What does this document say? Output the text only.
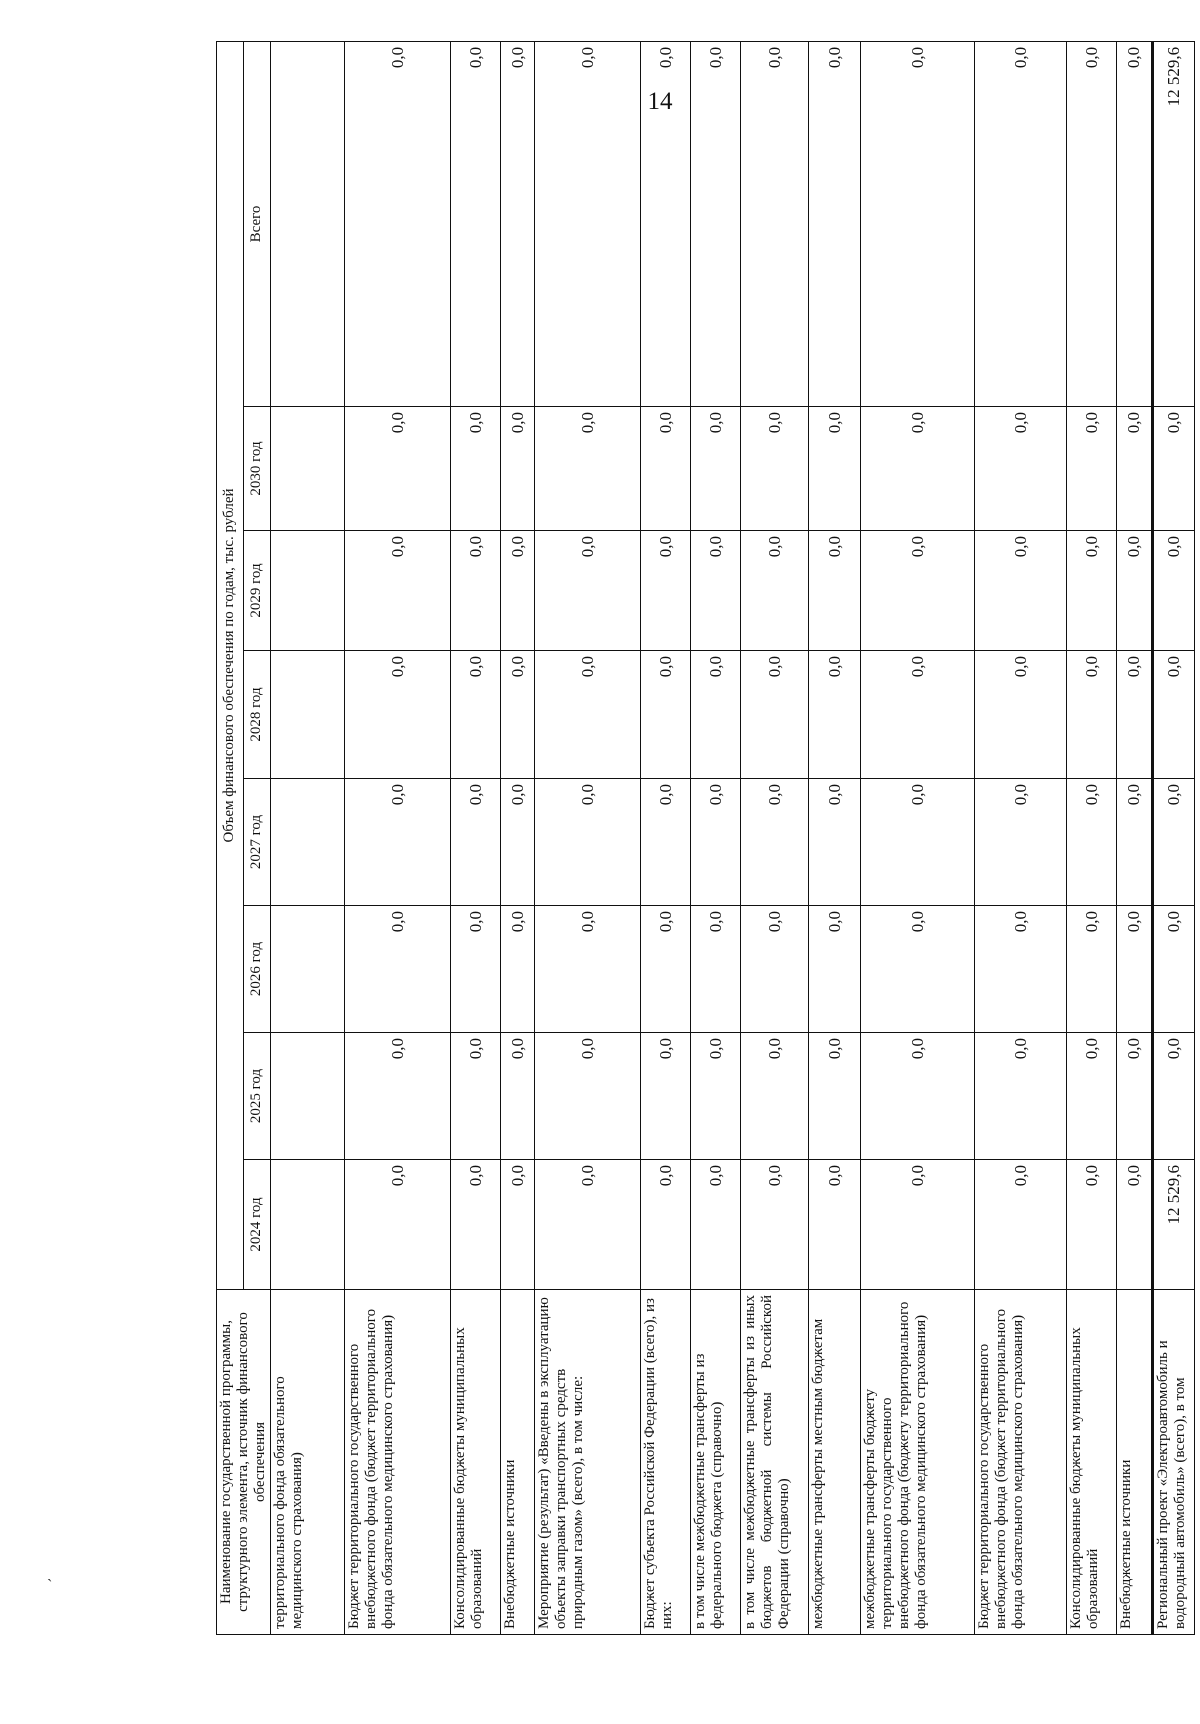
14
`	Наименование государственной программы, структурного элемента, источник финансового обеспечения	Объем финансового обеспечения по годам, тыс. рублей							
	2024 год	2025 год	2026 год	2027 год	2028 год	2029 год	2030 год	Всего
территориального фонда обязательного медицинского страхования)								
Бюджет территориального государственного внебюджетного фонда (бюджет территориального фонда обязательного медицинского страхования)	0,0	0,0	0,0	0,0	0,0	0,0	0,0	0,0
Консолидированные бюджеты муниципальных образований	0,0	0,0	0,0	0,0	0,0	0,0	0,0	0,0
Внебюджетные источники	0,0	0,0	0,0	0,0	0,0	0,0	0,0	0,0
Мероприятие (результат) «Введены в эксплуатацию объекты заправки транспортных средств природным газом» (всего), в том числе:	0,0	0,0	0,0	0,0	0,0	0,0	0,0	0,0
Бюджет субъекта Российской Федерации (всего), из них:	0,0	0,0	0,0	0,0	0,0	0,0	0,0	0,0
в том числе межбюджетные трансферты из федерального бюджета (справочно)	0,0	0,0	0,0	0,0	0,0	0,0	0,0	0,0
в том числе межбюджетные трансферты из иных бюджетов бюджетной системы Российской Федерации (справочно)	0,0	0,0	0,0	0,0	0,0	0,0	0,0	0,0
межбюджетные трансферты местным бюджетам	0,0	0,0	0,0	0,0	0,0	0,0	0,0	0,0
межбюджетные трансферты бюджету территориального государственного внебюджетного фонда (бюджету территориального фонда обязательного медицинского страхования)	0,0	0,0	0,0	0,0	0,0	0,0	0,0	0,0
Бюджет территориального государственного внебюджетного фонда (бюджет территориального фонда обязательного медицинского страхования)	0,0	0,0	0,0	0,0	0,0	0,0	0,0	0,0
Консолидированные бюджеты муниципальных образований	0,0	0,0	0,0	0,0	0,0	0,0	0,0	0,0
Внебюджетные источники	0,0	0,0	0,0	0,0	0,0	0,0	0,0	0,0
Региональный проект «Электроавтомобиль и водородный автомобиль» (всего), в том	12 529,6	0,0	0,0	0,0	0,0	0,0	0,0	12 529,6
